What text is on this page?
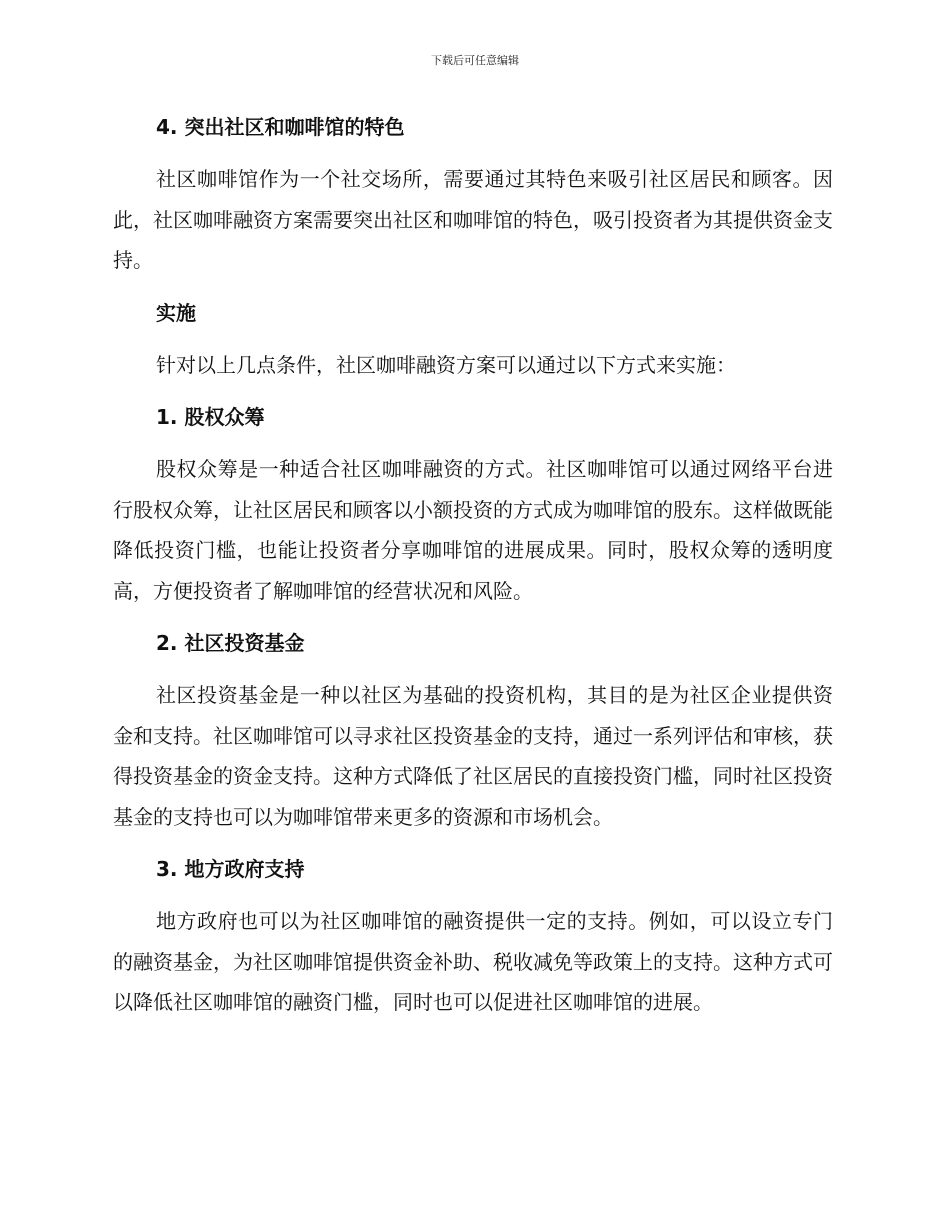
下载后可任意编辑
4. 突出社区和咖啡馆的特色

社区咖啡馆作为一个社交场所，需要通过其特色来吸引社区居民和顾客。因此，社区咖啡融资方案需要突出社区和咖啡馆的特色，吸引投资者为其提供资金支持。

实施

针对以上几点条件，社区咖啡融资方案可以通过以下方式来实施：

1. 股权众筹

股权众筹是一种适合社区咖啡融资的方式。社区咖啡馆可以通过网络平台进行股权众筹，让社区居民和顾客以小额投资的方式成为咖啡馆的股东。这样做既能降低投资门槛，也能让投资者分享咖啡馆的进展成果。同时，股权众筹的透明度高，方便投资者了解咖啡馆的经营状况和风险。

2. 社区投资基金

社区投资基金是一种以社区为基础的投资机构，其目的是为社区企业提供资金和支持。社区咖啡馆可以寻求社区投资基金的支持，通过一系列评估和审核，获得投资基金的资金支持。这种方式降低了社区居民的直接投资门槛，同时社区投资基金的支持也可以为咖啡馆带来更多的资源和市场机会。

3. 地方政府支持

地方政府也可以为社区咖啡馆的融资提供一定的支持。例如，可以设立专门的融资基金，为社区咖啡馆提供资金补助、税收减免等政策上的支持。这种方式可以降低社区咖啡馆的融资门槛，同时也可以促进社区咖啡馆的进展。
